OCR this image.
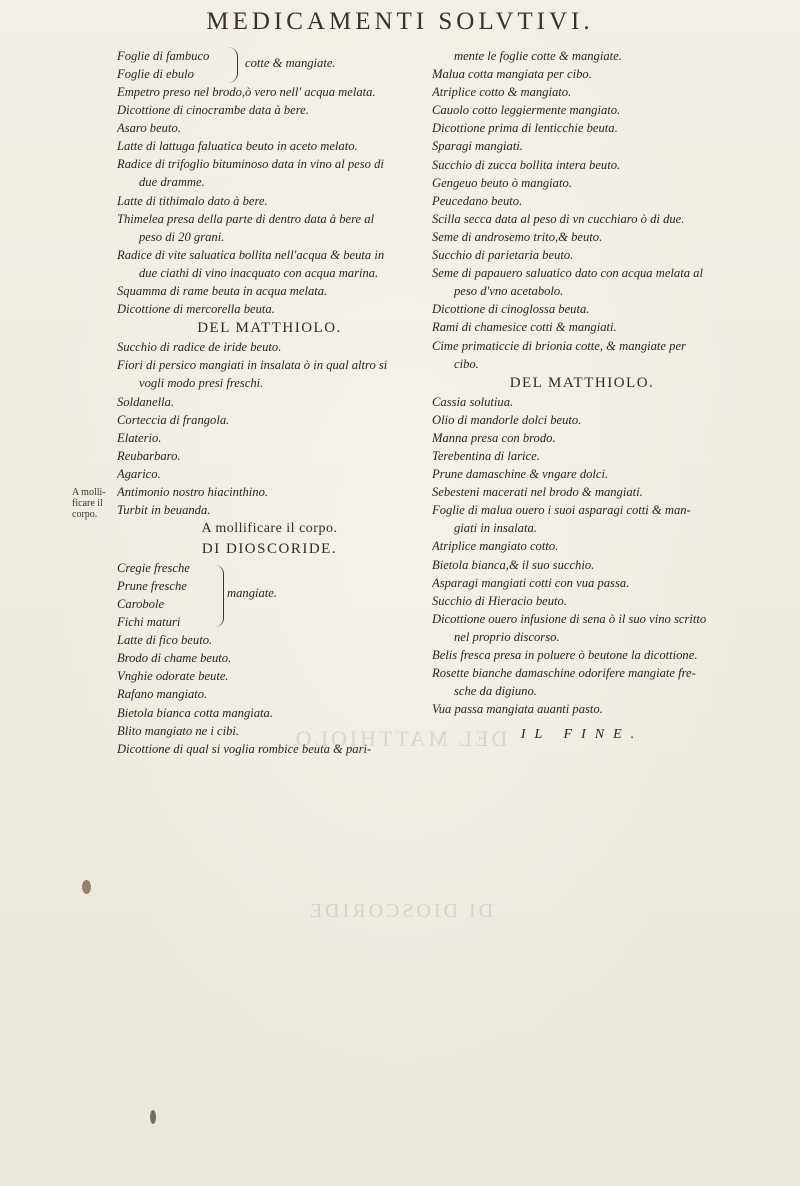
DEL MATTHIOLO
DI DIOSCORIDE
MEDICAMENTI SOLVTIVI.
A molli- ficare il corpo.
Foglie di fambuco
Foglie di ebulo
cotte & mangiate.
Empetro preso nel brodo,ò vero nell' acqua melata.
Dicottione di cinocrambe data à bere.
Asaro beuto.
Latte di lattuga faluatica beuto in aceto melato.
Radice di trifoglio bituminoso data in vino al peso di
due dramme.
Latte di tithimalo dato à bere.
Thimelea presa della parte di dentro data à bere al
peso di 20 grani.
Radice di vite saluatica bollita nell'acqua & beuta in
due ciathi di vino inacquato con acqua marina.
Squamma di rame beuta in acqua melata.
Dicottione di mercorella beuta.
DEL MATTHIOLO.
Succhio di radice de iride beuto.
Fiori di persico mangiati in insalata ò in qual altro si
vogli modo presi freschi.
Soldanella.
Corteccia di frangola.
Elaterio.
Reubarbaro.
Agarico.
Antimonio nostro hiacinthino.
Turbit in beuanda.
A mollificare il corpo.
DI DIOSCORIDE.
Cregie fresche
Prune fresche
Carobole
Fichi maturi
mangiate.
Latte di fico beuto.
Brodo di chame beuto.
Vnghie odorate beute.
Rafano mangiato.
Bietola bianca cotta mangiata.
Blito mangiato ne i cibi.
Dicottione di qual si voglia rombice beuta & pari-
mente le foglie cotte & mangiate.
Malua cotta mangiata per cibo.
Atriplice cotto & mangiato.
Cauolo cotto leggiermente mangiato.
Dicottione prima di lenticchie beuta.
Sparagi mangiati.
Succhio di zucca bollita intera beuto.
Gengeuo beuto ò mangiato.
Peucedano beuto.
Scilla secca data al peso di vn cucchiaro ò di due.
Seme di androsemo trito,& beuto.
Succhio di parietaria beuto.
Seme di papauero saluatico dato con acqua melata al
peso d'vno acetabolo.
Dicottione di cinoglossa beuta.
Rami di chamesice cotti & mangiati.
Cime primaticcie di brionia cotte, & mangiate per
cibo.
DEL MATTHIOLO.
Cassia solutiua.
Olio di mandorle dolci beuto.
Manna presa con brodo.
Terebentina di larice.
Prune damaschine & vngare dolci.
Sebesteni macerati nel brodo & mangiati.
Foglie di malua ouero i suoi asparagi cotti & man-
giati in insalata.
Atriplice mangiato cotto.
Bietola bianca,& il suo succhio.
Asparagi mangiati cotti con vua passa.
Succhio di Hieracio beuto.
Dicottione ouero infusione di sena ò il suo vino scritto
nel proprio discorso.
Belis fresca presa in poluere ò beutone la dicottione.
Rosette bianche damaschine odorifere mangiate fre-
sche da digiuno.
Vua passa mangiata auanti pasto.
IL FINE.
